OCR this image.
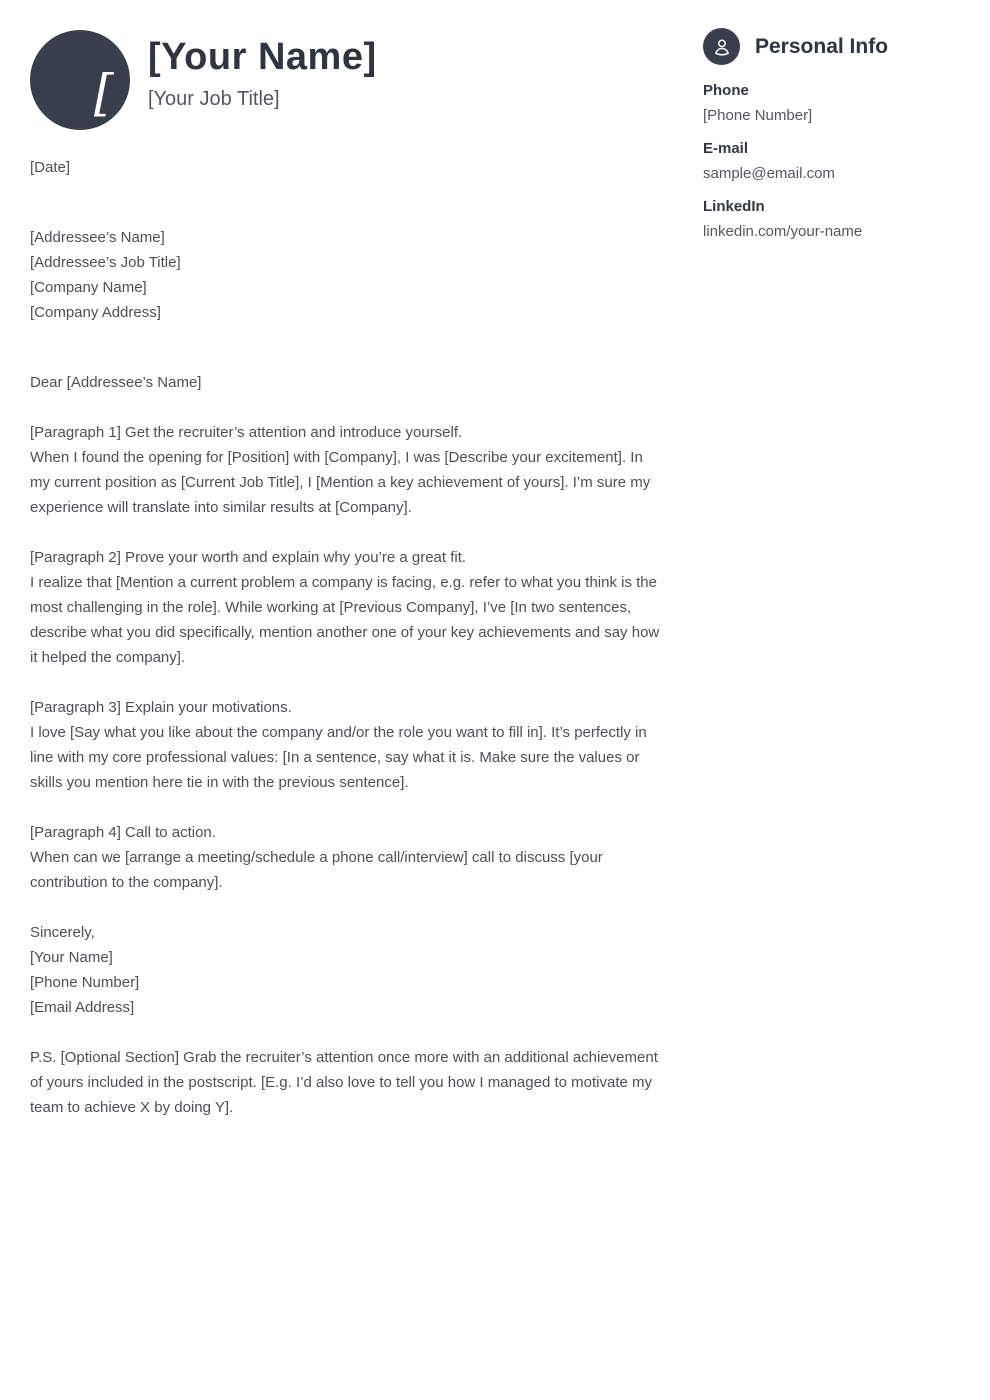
[
[Your Name]
[Your Job Title]
Personal Info
Phone
[Phone Number]
E-mail
sample@email.com
LinkedIn
linkedin.com/your-name

[Date]

[Addressee’s Name]
[Addressee’s Job Title]
[Company Name]
[Company Address]

Dear [Addressee’s Name]

[Paragraph 1] Get the recruiter’s attention and introduce yourself.
When I found the opening for [Position] with [Company], I was [Describe your excitement]. In my current position as [Current Job Title], I [Mention a key achievement of yours]. I’m sure my experience will translate into similar results at [Company].

[Paragraph 2] Prove your worth and explain why you’re a great fit.
I realize that [Mention a current problem a company is facing, e.g. refer to what you think is the most challenging in the role]. While working at [Previous Company], I’ve [In two sentences, describe what you did specifically, mention another one of your key achievements and say how it helped the company].

[Paragraph 3] Explain your motivations.
I love [Say what you like about the company and/or the role you want to fill in]. It’s perfectly in line with my core professional values: [In a sentence, say what it is. Make sure the values or skills you mention here tie in with the previous sentence].

[Paragraph 4] Call to action.
When can we [arrange a meeting/schedule a phone call/interview] call to discuss [your contribution to the company].

Sincerely,
[Your Name]
[Phone Number]
[Email Address]

P.S. [Optional Section] Grab the recruiter’s attention once more with an additional achievement of yours included in the postscript. [E.g. I’d also love to tell you how I managed to motivate my team to achieve X by doing Y].
